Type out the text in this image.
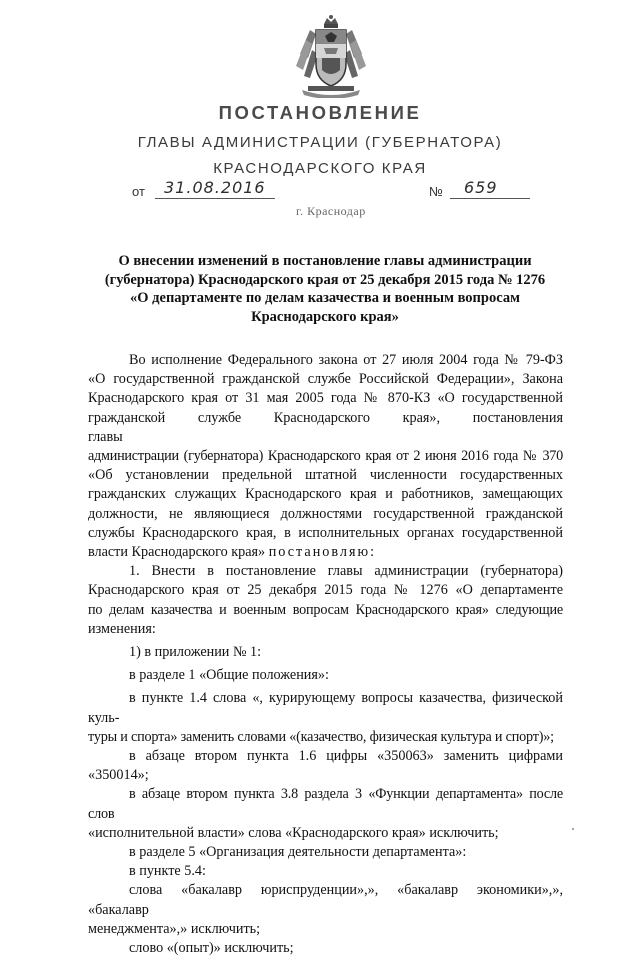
ПОСТАНОВЛЕНИЕ
ГЛАВЫ АДМИНИСТРАЦИИ (ГУБЕРНАТОРА)
КРАСНОДАРСКОГО КРАЯ
от 31.08.2016	№ 659
г. Краснодар
О внесении изменений в постановление главы администрации
(губернатора) Краснодарского края от 25 декабря 2015 года № 1276
«О департаменте по делам казачества и военным вопросам
Краснодарского края»

Во исполнение Федерального закона от 27 июля 2004 года № 79-ФЗ

«О государственной гражданской службе Российской Федерации», Закона

Краснодарского края от 31 мая 2005 года № 870-КЗ «О государственной

гражданской службе Краснодарского края», постановления главы

администрации (губернатора) Краснодарского края от 2 июня 2016 года № 370

«Об установлении предельной штатной численности государственных

гражданских служащих Краснодарского края и работников, замещающих

должности, не являющиеся должностями государственной гражданской

службы Краснодарского края, в исполнительных органах государственной

власти Краснодарского края» постановляю:

1. Внести в постановление главы администрации (губернатора)

Краснодарского края от 25 декабря 2015 года № 1276 «О департаменте

по делам казачества и военным вопросам Краснодарского края» следующие

изменения:

1) в приложении № 1:

в разделе 1 «Общие положения»:

в пункте 1.4 слова «, курирующему вопросы казачества, физической куль-

туры и спорта» заменить словами «(казачество, физическая культура и спорт)»;

в абзаце втором пункта 1.6 цифры «350063» заменить цифрами «350014»;

в абзаце втором пункта 3.8 раздела 3 «Функции департамента» после слов

«исполнительной власти» слова «Краснодарского края» исключить;

в разделе 5 «Организация деятельности департамента»:

в пункте 5.4:

слова «бакалавр юриспруденции»,», «бакалавр экономики»,», «бакалавр

менеджмента»,» исключить;

слово «(опыт)» исключить;
